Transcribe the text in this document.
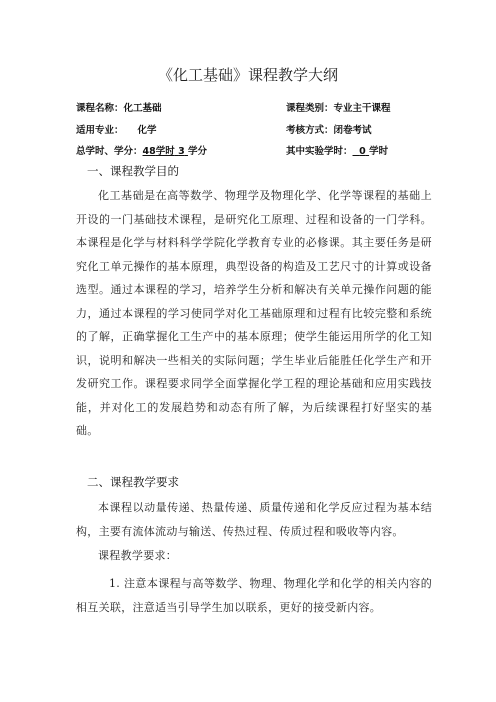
《化工基础》课程教学大纲
课程名称：化工基础	课程类别：专业主干课程
适用专业： 化学	考核方式：闭卷考试
总学时、学分：48学时 3 学分	其中实验学时： 0 学时
一、课程教学目的

化工基础是在高等数学、物理学及物理化学、化学等课程的基础上开设的一门基础技术课程，是研究化工原理、过程和设备的一门学科。本课程是化学与材料科学学院化学教育专业的必修课。其主要任务是研究化工单元操作的基本原理，典型设备的构造及工艺尺寸的计算或设备选型。通过本课程的学习，培养学生分析和解决有关单元操作问题的能力，通过本课程的学习使同学对化工基础原理和过程有比较完整和系统的了解，正确掌握化工生产中的基本原理；使学生能运用所学的化工知识，说明和解决一些相关的实际问题；学生毕业后能胜任化学生产和开发研究工作。课程要求同学全面掌握化学工程的理论基础和应用实践技能，并对化工的发展趋势和动态有所了解，为后续课程打好坚实的基础。

二、课程教学要求

本课程以动量传递、热量传递、质量传递和化学反应过程为基本结构，主要有流体流动与输送、传热过程、传质过程和吸收等内容。

课程教学要求：

1. 注意本课程与高等数学、物理、物理化学和化学的相关内容的相互关联，注意适当引导学生加以联系，更好的接受新内容。
